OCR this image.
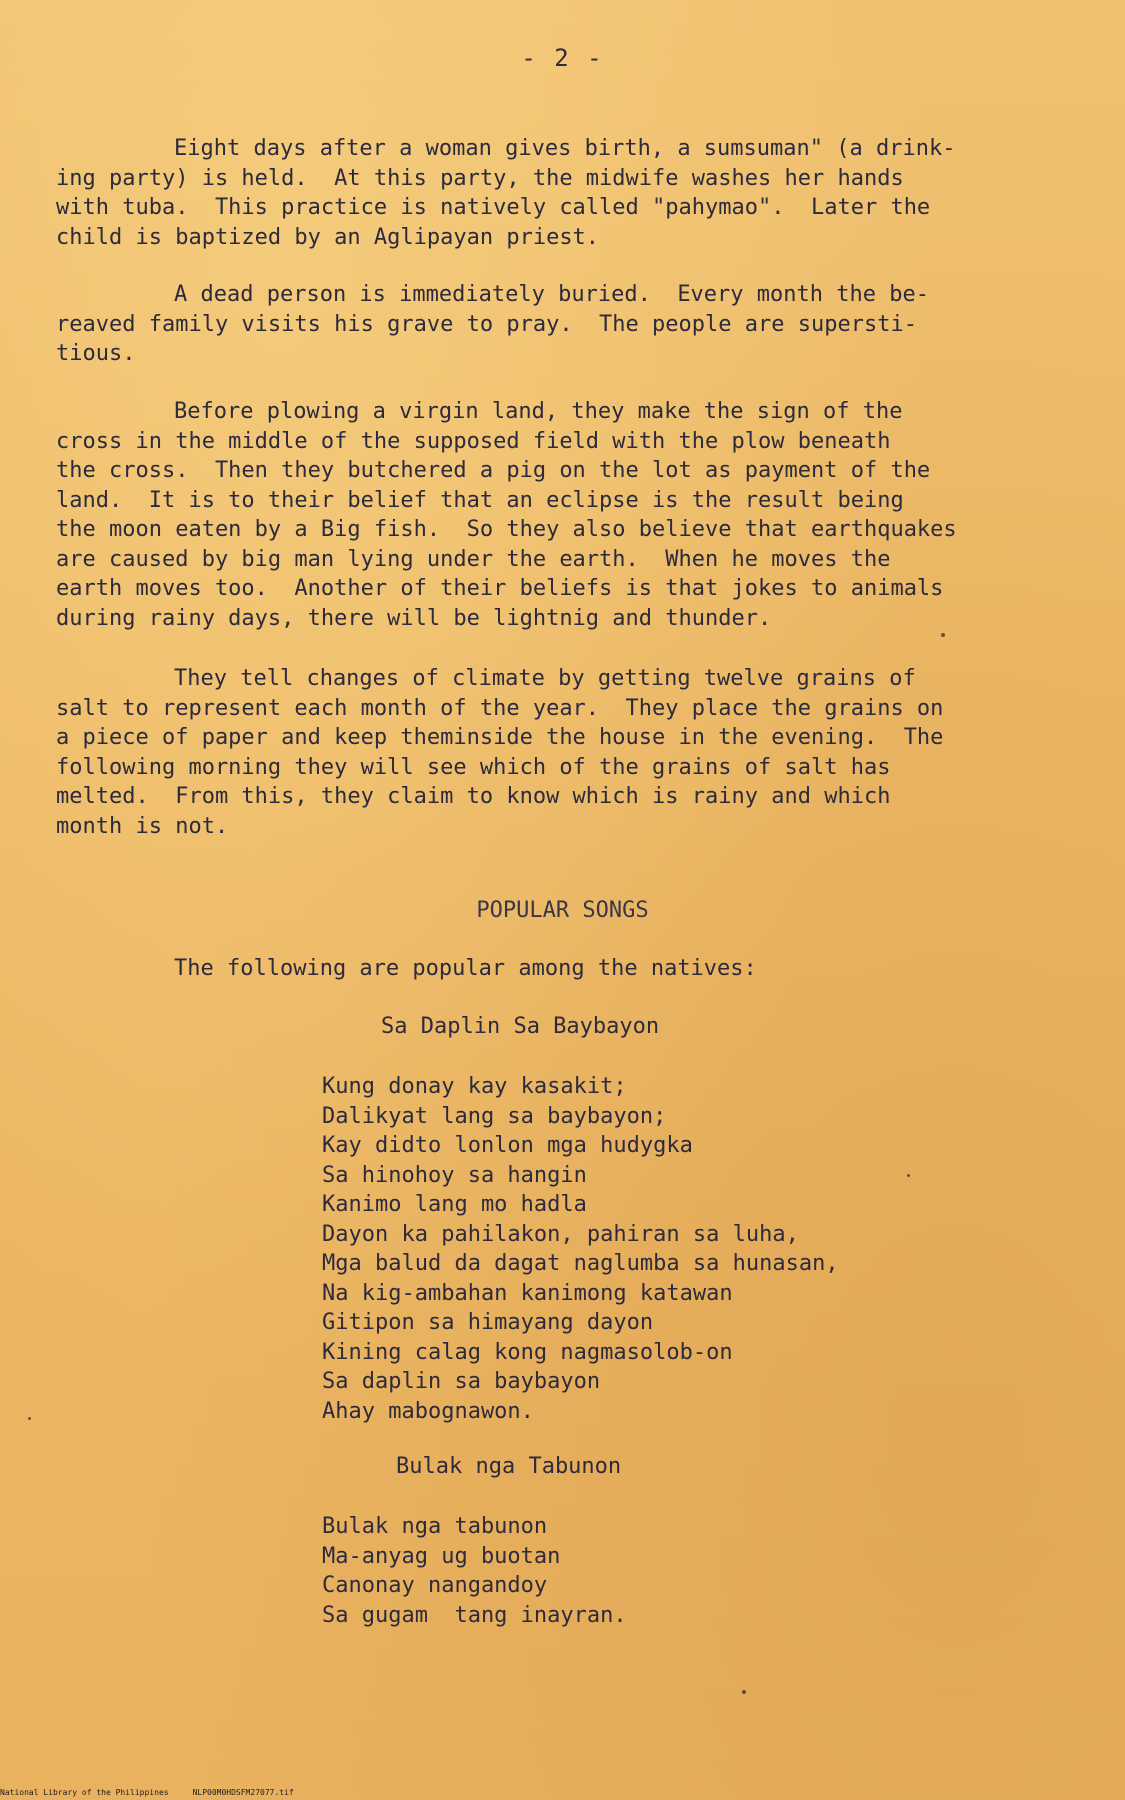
- 2 -
Eight days after a woman gives birth, a sumsuman" (a drink-
ing party) is held.  At this party, the midwife washes her hands
with tuba.  This practice is natively called "pahymao".  Later the
child is baptized by an Aglipayan priest.
A dead person is immediately buried.  Every month the be-
reaved family visits his grave to pray.  The people are supersti-
tious.
Before plowing a virgin land, they make the sign of the
cross in the middle of the supposed field with the plow beneath
the cross.  Then they butchered a pig on the lot as payment of the
land.  It is to their belief that an eclipse is the result being
the moon eaten by a Big fish.  So they also believe that earthquakes
are caused by big man lying under the earth.  When he moves the
earth moves too.  Another of their beliefs is that jokes to animals
during rainy days, there will be lightnig and thunder.
They tell changes of climate by getting twelve grains of
salt to represent each month of the year.  They place the grains on
a piece of paper and keep theminside the house in the evening.  The
following morning they will see which of the grains of salt has
melted.  From this, they claim to know which is rainy and which
month is not.
POPULAR SONGS

The following are popular among the natives:

Sa Daplin Sa Baybayon
Kung donay kay kasakit;
Dalikyat lang sa baybayon;
Kay didto lonlon mga hudygka
Sa hinohoy sa hangin
Kanimo lang mo hadla
Dayon ka pahilakon, pahiran sa luha,
Mga balud da dagat naglumba sa hunasan,
Na kig-ambahan kanimong katawan
Gitipon sa himayang dayon
Kining calag kong nagmasolob-on
Sa daplin sa baybayon
Ahay mabognawon.
Bulak nga Tabunon
Bulak nga tabunon
Ma-anyag ug buotan
Canonay nangandoy
Sa gugam  tang inayran.
National Library of the Philippines	NLP00M0HDSFM27077.tif
